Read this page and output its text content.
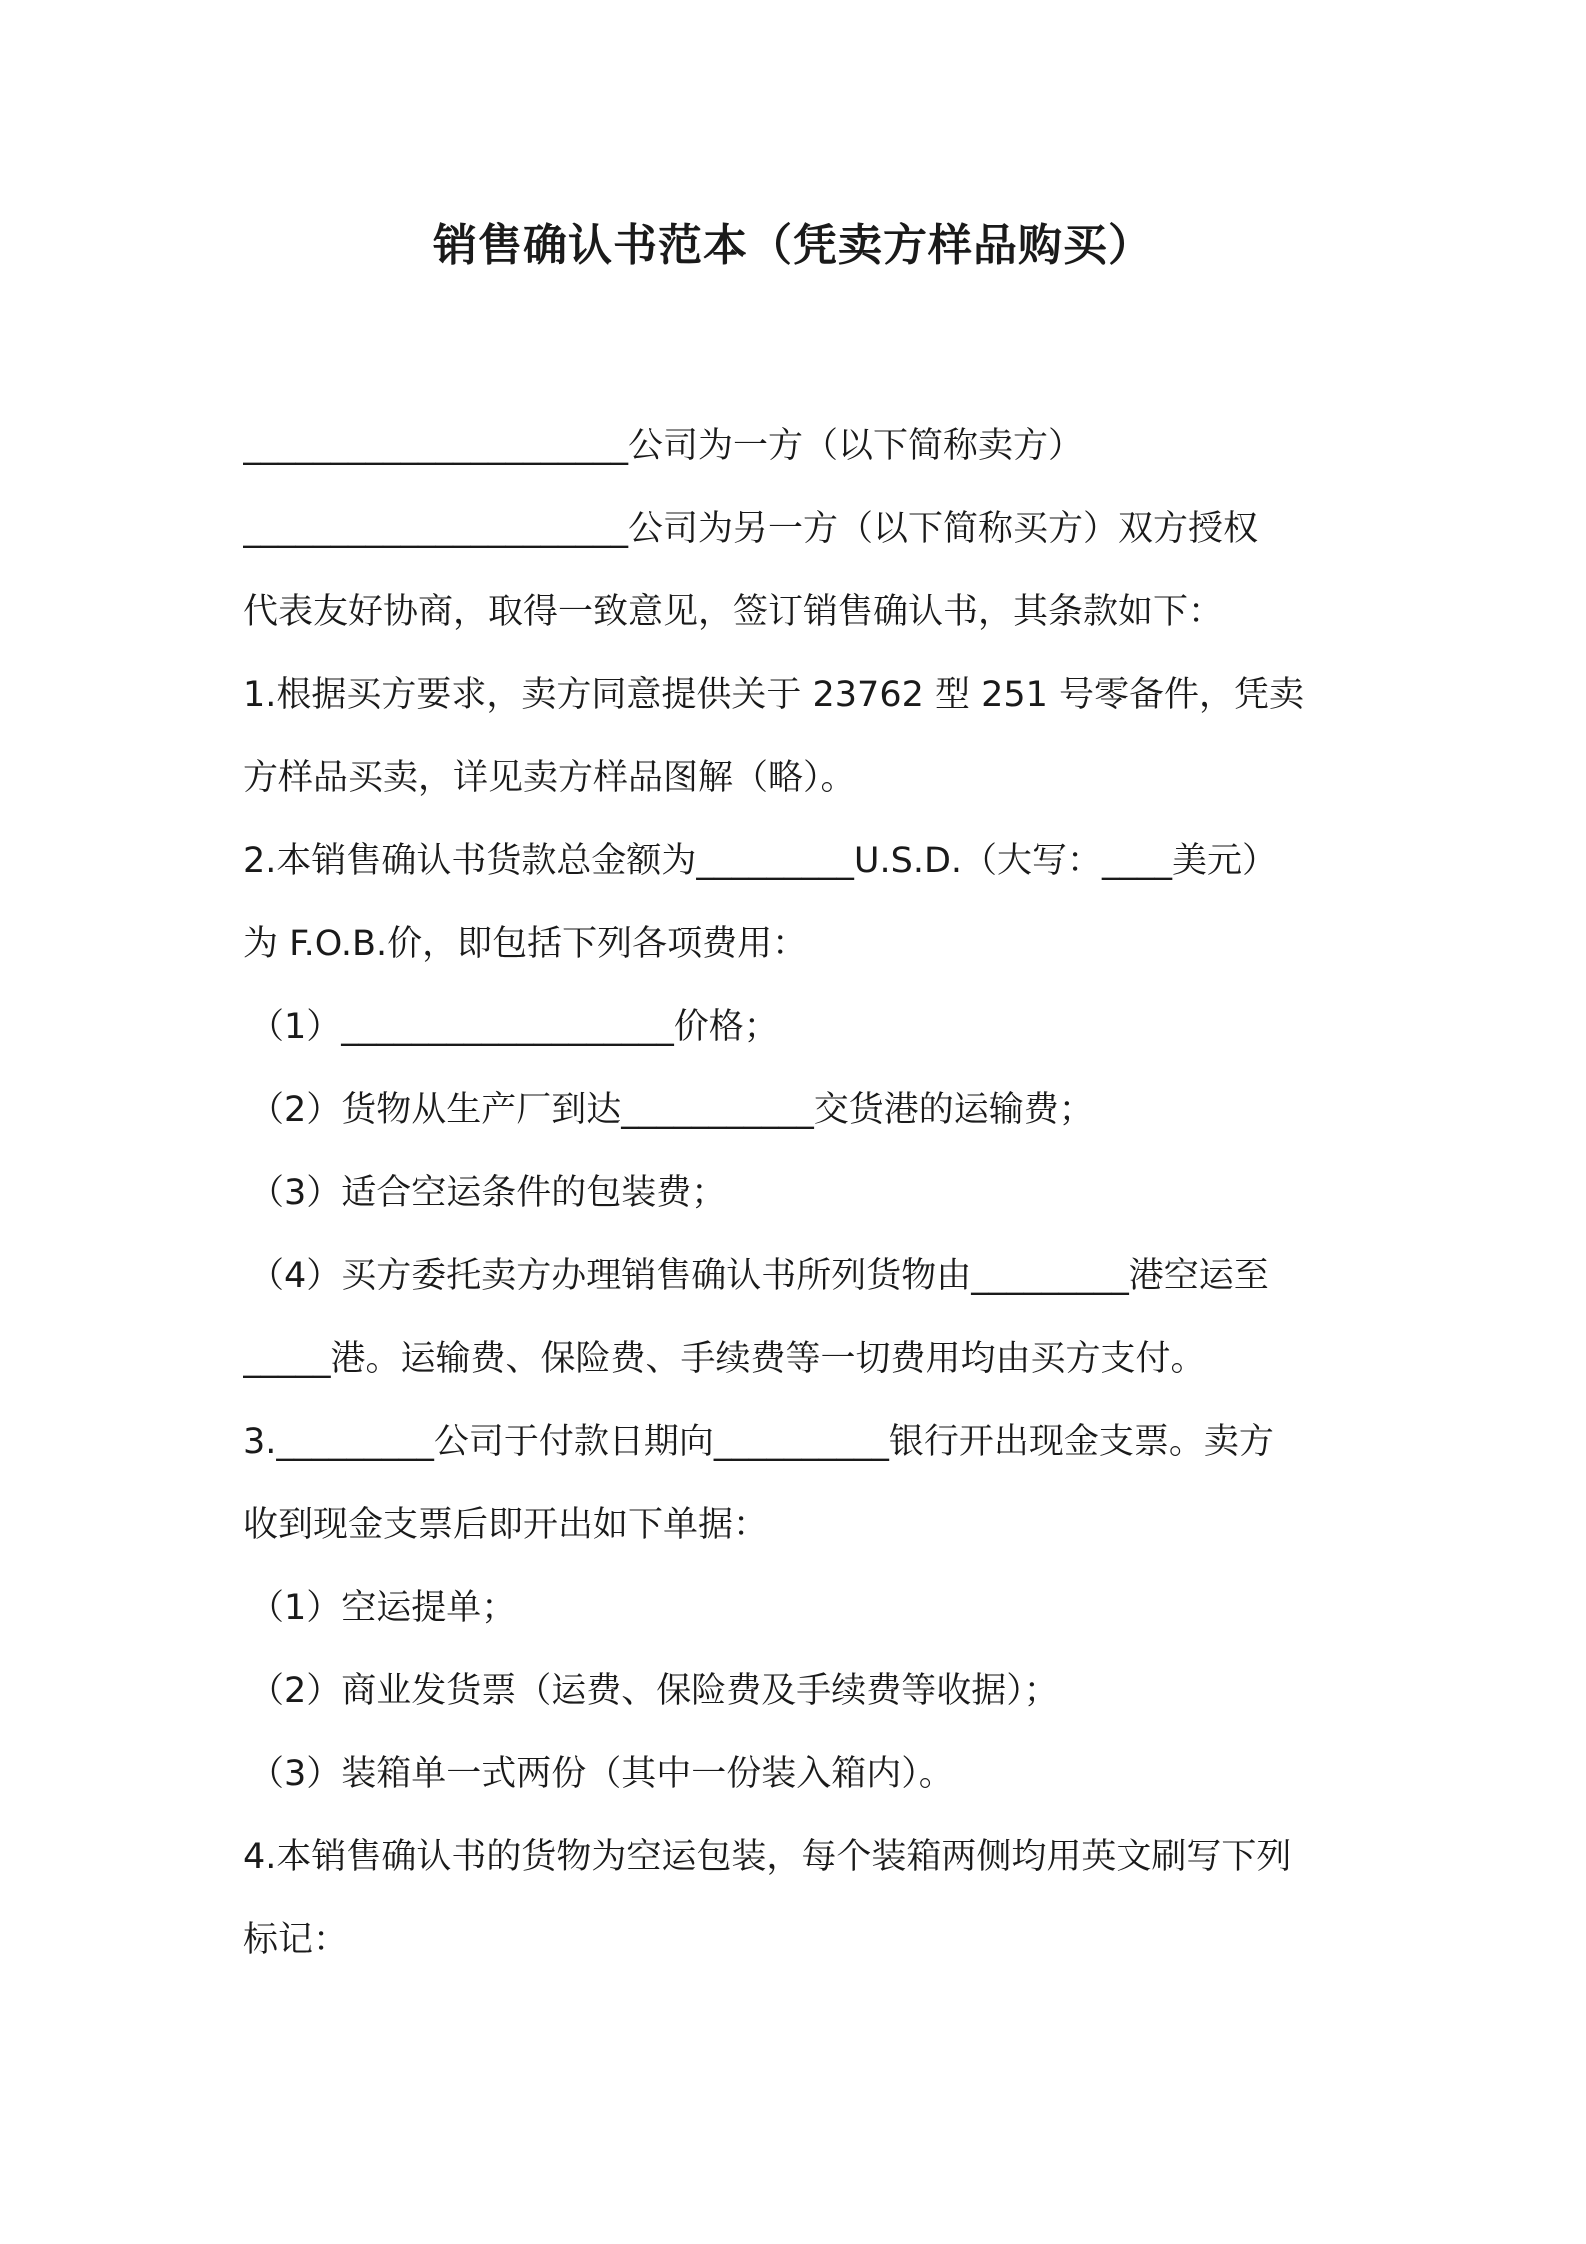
销售确认书范本（凭卖方样品购买）
______________________公司为一方（以下简称卖方）
______________________公司为另一方（以下简称买方）双方授权
代表友好协商，取得一致意见，签订销售确认书，其条款如下：
1.根据买方要求，卖方同意提供关于 23762 型 251 号零备件，凭卖
方样品买卖，详见卖方样品图解（略）。
2.本销售确认书货款总金额为_________U.S.D.（大写：____美元）
为 F.O.B.价，即包括下列各项费用：
（1）___________________价格；
（2）货物从生产厂到达___________交货港的运输费；
（3）适合空运条件的包装费；
（4）买方委托卖方办理销售确认书所列货物由_________港空运至
_____港。运输费、保险费、手续费等一切费用均由买方支付。
3._________公司于付款日期向__________银行开出现金支票。卖方
收到现金支票后即开出如下单据：
（1）空运提单；
（2）商业发货票（运费、保险费及手续费等收据）；
（3）装箱单一式两份（其中一份装入箱内）。
4.本销售确认书的货物为空运包装，每个装箱两侧均用英文刷写下列
标记：
